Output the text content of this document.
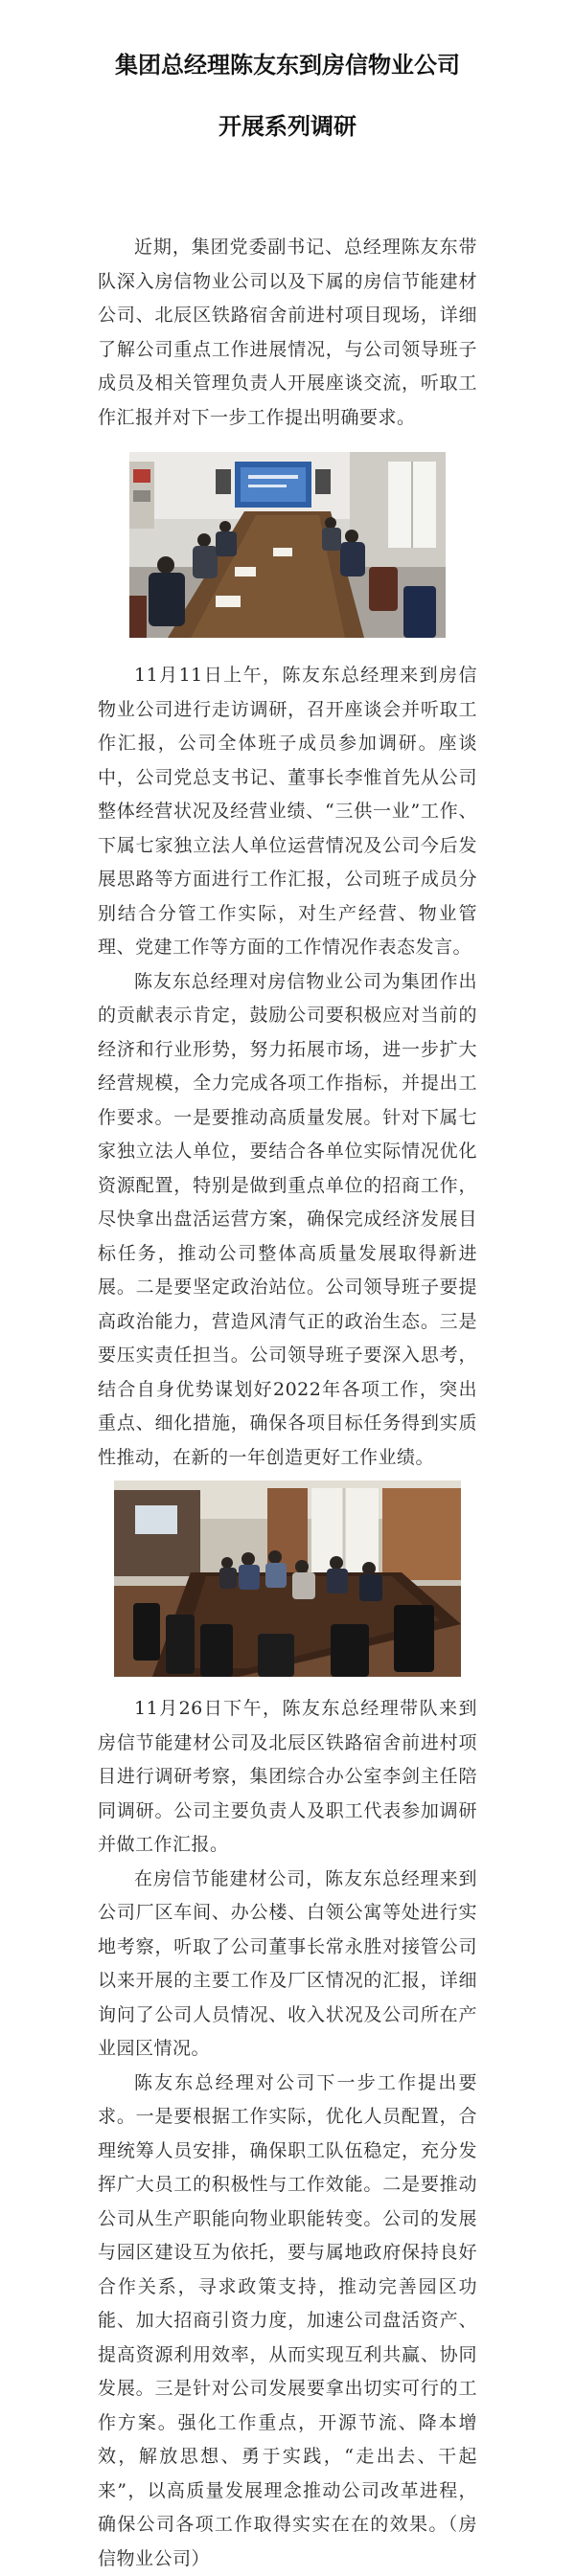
集团总经理陈友东到房信物业公司
开展系列调研

近期，集团党委副书记、总经理陈友东带队深入房信物业公司以及下属的房信节能建材公司、北辰区铁路宿舍前进村项目现场，详细了解公司重点工作进展情况，与公司领导班子成员及相关管理负责人开展座谈交流，听取工作汇报并对下一步工作提出明确要求。

11月11日上午，陈友东总经理来到房信物业公司进行走访调研，召开座谈会并听取工作汇报，公司全体班子成员参加调研。座谈中，公司党总支书记、董事长李惟首先从公司整体经营状况及经营业绩、“三供一业”工作、下属七家独立法人单位运营情况及公司今后发展思路等方面进行工作汇报，公司班子成员分别结合分管工作实际，对生产经营、物业管理、党建工作等方面的工作情况作表态发言。

陈友东总经理对房信物业公司为集团作出的贡献表示肯定，鼓励公司要积极应对当前的经济和行业形势，努力拓展市场，进一步扩大经营规模，全力完成各项工作指标，并提出工作要求。一是要推动高质量发展。针对下属七家独立法人单位，要结合各单位实际情况优化资源配置，特别是做到重点单位的招商工作，尽快拿出盘活运营方案，确保完成经济发展目标任务，推动公司整体高质量发展取得新进展。二是要坚定政治站位。公司领导班子要提高政治能力，营造风清气正的政治生态。三是要压实责任担当。公司领导班子要深入思考，结合自身优势谋划好2022年各项工作，突出重点、细化措施，确保各项目标任务得到实质性推动，在新的一年创造更好工作业绩。

11月26日下午，陈友东总经理带队来到房信节能建材公司及北辰区铁路宿舍前进村项目进行调研考察，集团综合办公室李剑主任陪同调研。公司主要负责人及职工代表参加调研并做工作汇报。

在房信节能建材公司，陈友东总经理来到公司厂区车间、办公楼、白领公寓等处进行实地考察，听取了公司董事长常永胜对接管公司以来开展的主要工作及厂区情况的汇报，详细询问了公司人员情况、收入状况及公司所在产业园区情况。

陈友东总经理对公司下一步工作提出要求。一是要根据工作实际，优化人员配置，合理统筹人员安排，确保职工队伍稳定，充分发挥广大员工的积极性与工作效能。二是要推动公司从生产职能向物业职能转变。公司的发展与园区建设互为依托，要与属地政府保持良好合作关系，寻求政策支持，推动完善园区功能、加大招商引资力度，加速公司盘活资产、提高资源利用效率，从而实现互利共赢、协同发展。三是针对公司发展要拿出切实可行的工作方案。强化工作重点，开源节流、降本增效，解放思想、勇于实践，“走出去、干起来”，以高质量发展理念推动公司改革进程，确保公司各项工作取得实实在在的效果。（房信物业公司）
